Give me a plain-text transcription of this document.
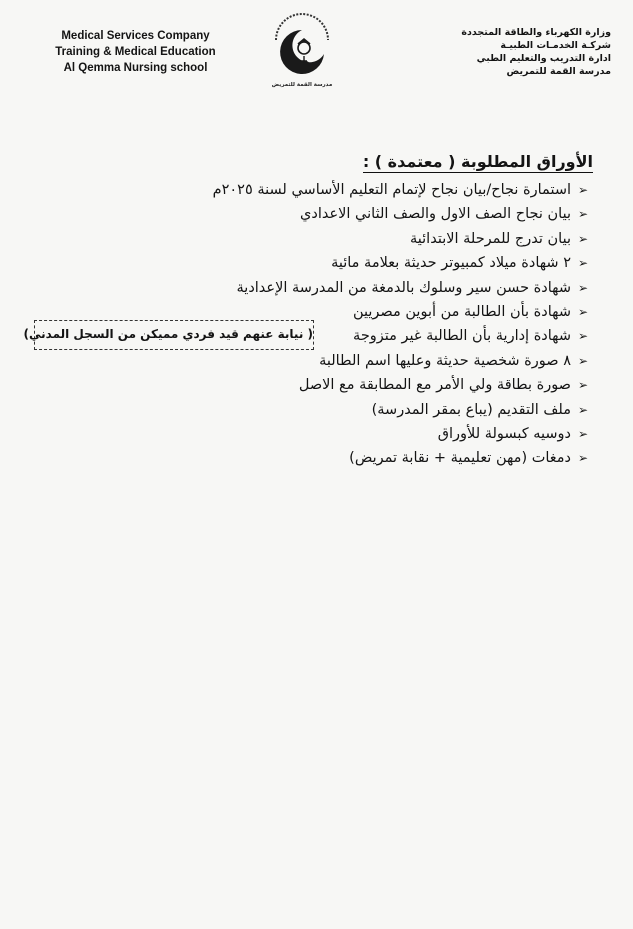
Medical Services Company
Training & Medical Education
Al Qemma Nursing school
مدرسة القمة للتمريض
وزارة الكهرباء والطاقة المتجددة
شركـة الخدمـات الطبيـة
ادارة التدريب والتعليم الطبي
مدرسة القمة للتمريض
الأوراق المطلوبة ( معتمدة ) :
➢استمارة نجاح/بيان نجاح لإتمام التعليم الأساسي لسنة ٢٠٢٥م
➢بيان نجاح الصف الاول والصف الثاني الاعدادي
➢بيان تدرج للمرحلة الابتدائية
➢٢ شهادة ميلاد كمبيوتر حديثة بعلامة مائية
➢شهادة حسن سير وسلوك بالدمغة من المدرسة الإعدادية
➢شهادة بأن الطالبة من أبوين مصريين
➢شهادة إدارية بأن الطالبة غير متزوجة
➢٨ صورة شخصية حديثة وعليها اسم الطالبة
➢صورة بطاقة ولي الأمر مع المطابقة مع الاصل
➢ملف التقديم (يباع بمقر المدرسة)
➢دوسيه كبسولة للأوراق
➢دمغات (مهن تعليمية + نقابة تمريض)
( نيابة عنهم قيد فردي مميكن من السجل المدني)
